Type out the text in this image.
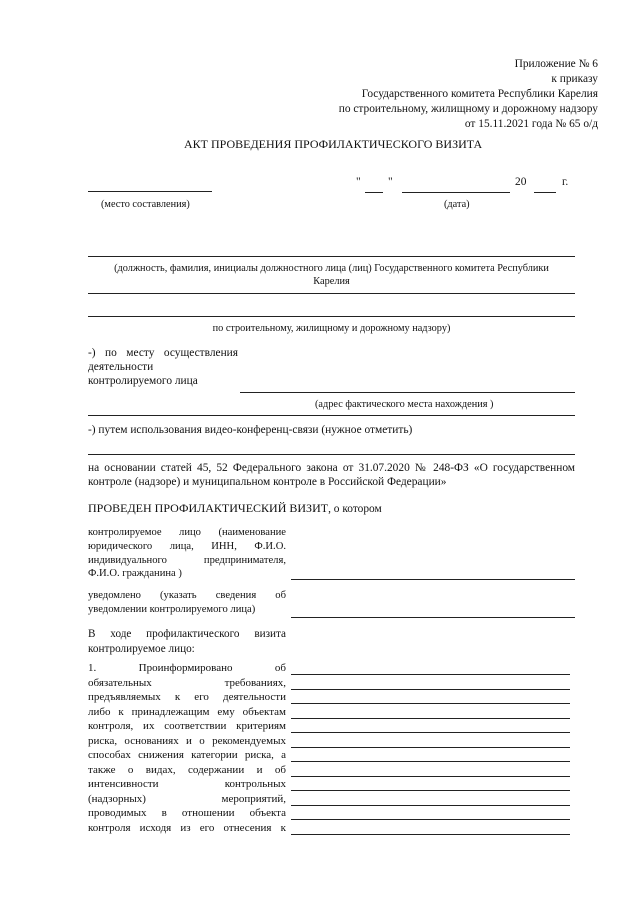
Приложение № 6
к приказу
Государственного комитета Республики Карелия
по строительному, жилищному и дорожному надзору
от 15.11.2021 года № 65 о/д
АКТ ПРОВЕДЕНИЯ ПРОФИЛАКТИЧЕСКОГО ВИЗИТА
" "	20	г.
(место составления)	(дата)
(должность, фамилия, инициалы должностного лица (лиц) Государственного комитета Республики
Карелия
по строительному, жилищному и дорожному надзору)
-) по месту осуществления
деятельности
контролируемого лица
(адрес фактического места нахождения )
-) путем использования видео-конференц-связи (нужное отметить)
на основании статей 45, 52 Федерального закона от 31.07.2020 № 248-ФЗ «О государственном
контроле (надзоре) и муниципальном контроле в Российской Федерации»
ПРОВЕДЕН ПРОФИЛАКТИЧЕСКИЙ ВИЗИТ, о котором
контролируемое лицо (наименование
юридического лица, ИНН, Ф.И.О.
индивидуального предпринимателя,
Ф.И.О. гражданина )
уведомлено (указать сведения об
уведомлении контролируемого лица)
В ходе профилактического визита
контролируемое лицо:
1. Проинформировано об
обязательных требованиях,
предъявляемых к его деятельности
либо к принадлежащим ему объектам
контроля, их соответствии критериям
риска, основаниях и о рекомендуемых
способах снижения категории риска, а
также о видах, содержании и об
интенсивности контрольных
(надзорных) мероприятий,
проводимых в отношении объекта
контроля исходя из его отнесения к
